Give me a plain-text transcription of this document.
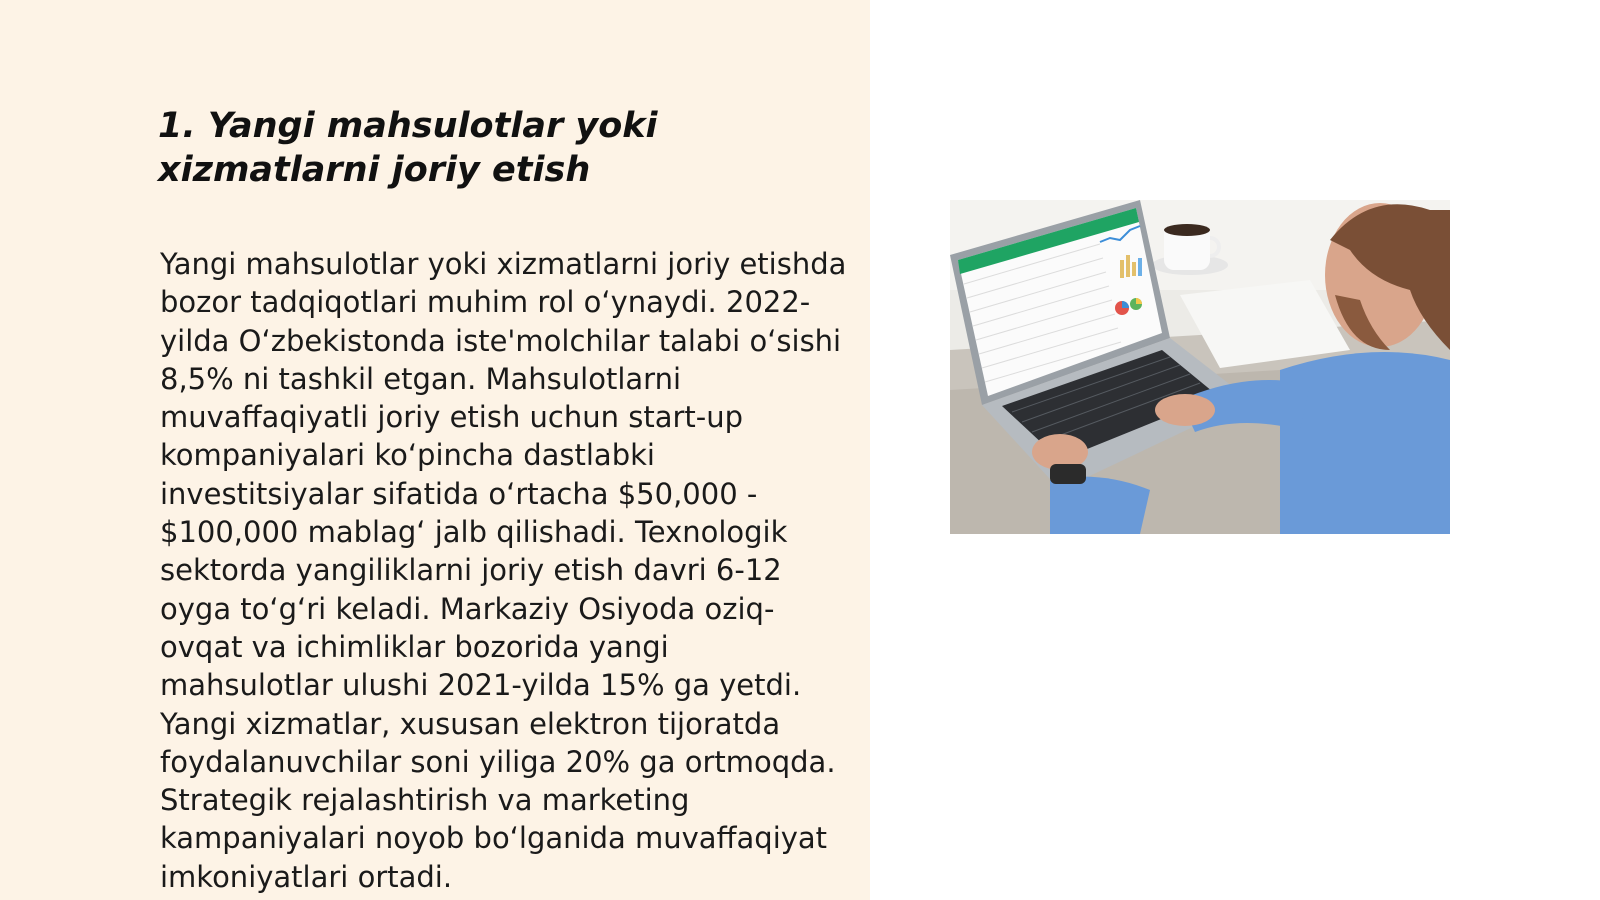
1. Yangi mahsulotlar yoki xizmatlarni joriy etish

Yangi mahsulotlar yoki xizmatlarni joriy etishda bozor tadqiqotlari muhim rol o‘ynaydi. 2022-yilda O‘zbekistonda iste'molchilar talabi o‘sishi 8,5% ni tashkil etgan. Mahsulotlarni muvaffaqiyatli joriy etish uchun start-up kompaniyalari ko‘pincha dastlabki investitsiyalar sifatida o‘rtacha $50,000 - $100,000 mablag‘ jalb qilishadi. Texnologik sektorda yangiliklarni joriy etish davri 6-12 oyga to‘g‘ri keladi. Markaziy Osiyoda oziq-ovqat va ichimliklar bozorida yangi mahsulotlar ulushi 2021-yilda 15% ga yetdi. Yangi xizmatlar, xususan elektron tijoratda foydalanuvchilar soni yiliga 20% ga ortmoqda. Strategik rejalashtirish va marketing kampaniyalari noyob bo‘lganida muvaffaqiyat imkoniyatlari ortadi.
